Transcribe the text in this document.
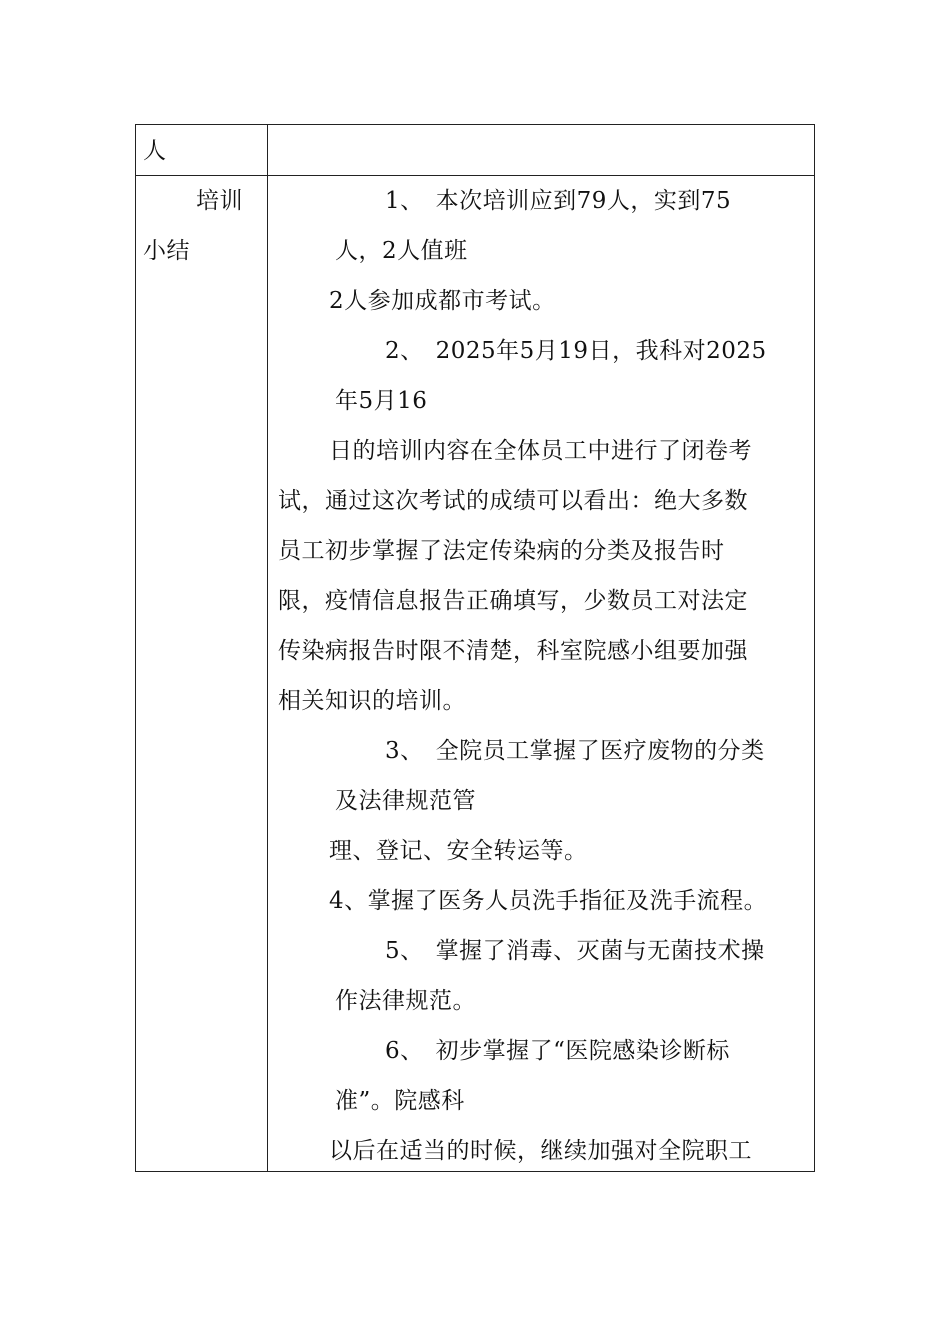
人
培训
小结
1、　本次培训应到79人，实到75
人，2人值班
2人参加成都市考试。
2、　2025年5月19日，我科对2025
年5月16
日的培训内容在全体员工中进行了闭卷考
试，通过这次考试的成绩可以看出：绝大多数
员工初步掌握了法定传染病的分类及报告时
限，疫情信息报告正确填写，少数员工对法定
传染病报告时限不清楚，科室院感小组要加强
相关知识的培训。
3、　全院员工掌握了医疗废物的分类
及法律规范管
理、登记、安全转运等。
4、掌握了医务人员洗手指征及洗手流程。
5、　掌握了消毒、灭菌与无菌技术操
作法律规范。
6、　初步掌握了“医院感染诊断标
准”。院感科
以后在适当的时候，继续加强对全院职工
